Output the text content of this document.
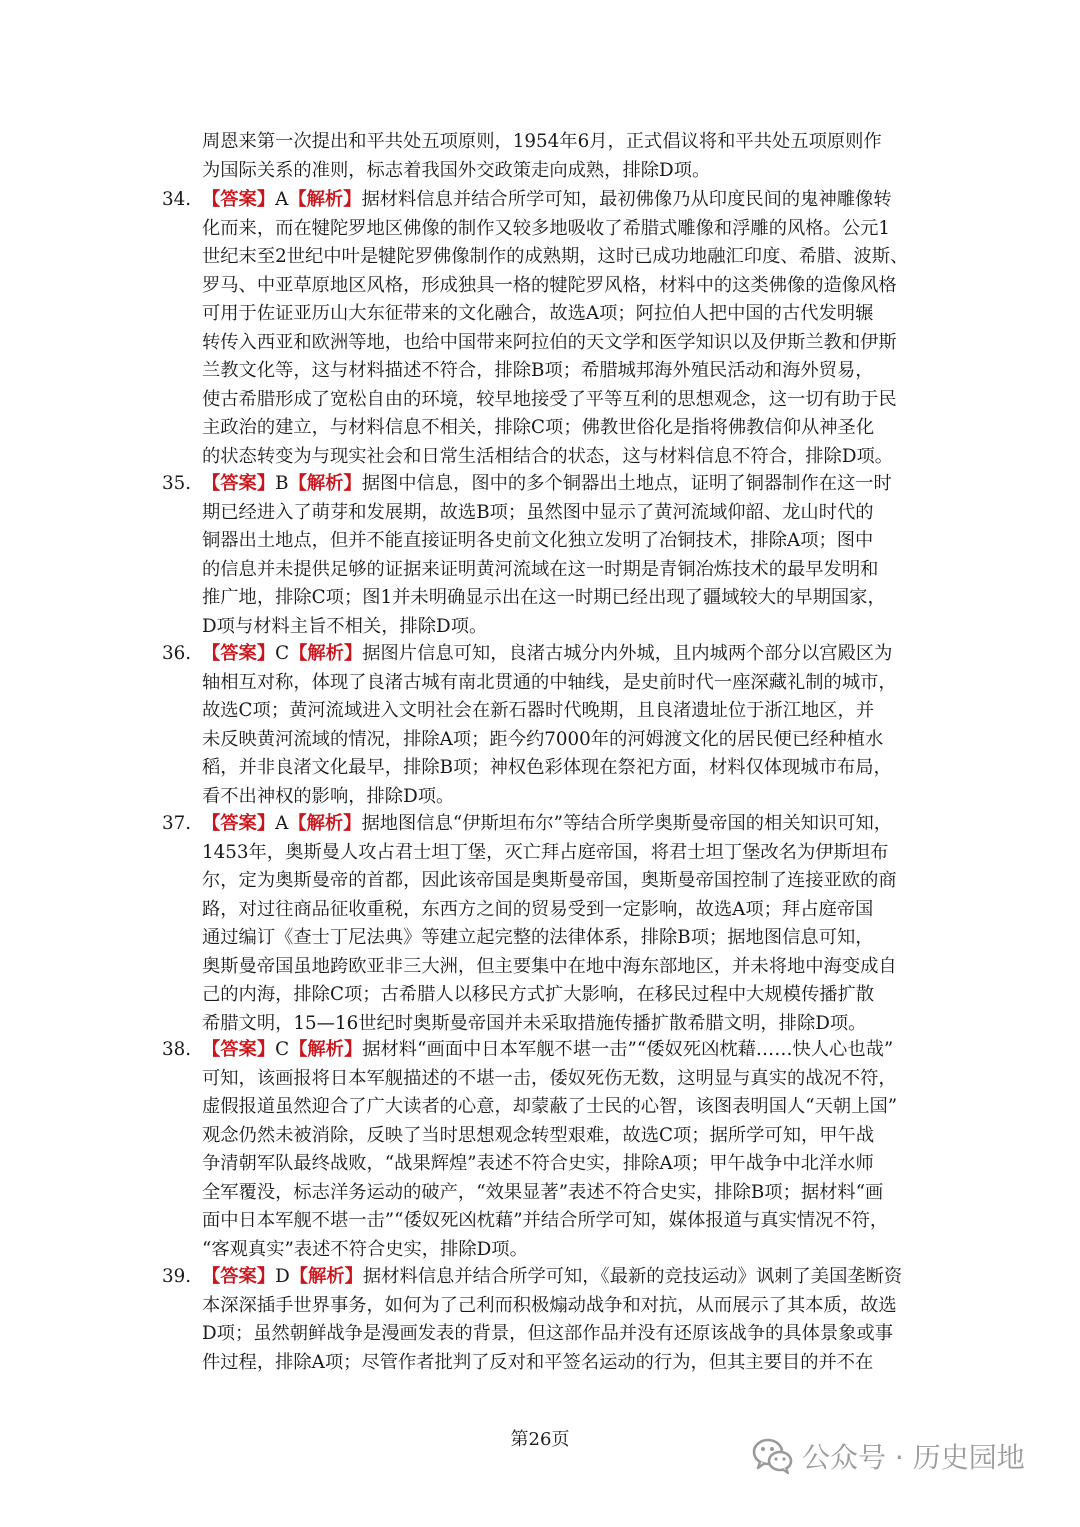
周恩来第一次提出和平共处五项原则，1954年6月，正式倡议将和平共处五项原则作
为国际关系的准则，标志着我国外交政策走向成熟，排除D项。
34. 【答案】A【解析】据材料信息并结合所学可知，最初佛像乃从印度民间的鬼神雕像转
化而来，而在犍陀罗地区佛像的制作又较多地吸收了希腊式雕像和浮雕的风格。公元1
世纪末至2世纪中叶是犍陀罗佛像制作的成熟期，这时已成功地融汇印度、希腊、波斯、
罗马、中亚草原地区风格，形成独具一格的犍陀罗风格，材料中的这类佛像的造像风格
可用于佐证亚历山大东征带来的文化融合，故选A项；阿拉伯人把中国的古代发明辗
转传入西亚和欧洲等地，也给中国带来阿拉伯的天文学和医学知识以及伊斯兰教和伊斯
兰教文化等，这与材料描述不符合，排除B项；希腊城邦海外殖民活动和海外贸易，
使古希腊形成了宽松自由的环境，较早地接受了平等互利的思想观念，这一切有助于民
主政治的建立，与材料信息不相关，排除C项；佛教世俗化是指将佛教信仰从神圣化
的状态转变为与现实社会和日常生活相结合的状态，这与材料信息不符合，排除D项。
35. 【答案】B【解析】据图中信息，图中的多个铜器出土地点，证明了铜器制作在这一时
期已经进入了萌芽和发展期，故选B项；虽然图中显示了黄河流域仰韶、龙山时代的
铜器出土地点，但并不能直接证明各史前文化独立发明了冶铜技术，排除A项；图中
的信息并未提供足够的证据来证明黄河流域在这一时期是青铜冶炼技术的最早发明和
推广地，排除C项；图1并未明确显示出在这一时期已经出现了疆域较大的早期国家，
D项与材料主旨不相关，排除D项。
36. 【答案】C【解析】据图片信息可知，良渚古城分内外城，且内城两个部分以宫殿区为
轴相互对称，体现了良渚古城有南北贯通的中轴线，是史前时代一座深藏礼制的城市，
故选C项；黄河流域进入文明社会在新石器时代晚期，且良渚遗址位于浙江地区，并
未反映黄河流域的情况，排除A项；距今约7000年的河姆渡文化的居民便已经种植水
稻，并非良渚文化最早，排除B项；神权色彩体现在祭祀方面，材料仅体现城市布局，
看不出神权的影响，排除D项。
37. 【答案】A【解析】据地图信息“伊斯坦布尔”等结合所学奥斯曼帝国的相关知识可知，
1453年，奥斯曼人攻占君士坦丁堡，灭亡拜占庭帝国，将君士坦丁堡改名为伊斯坦布
尔，定为奥斯曼帝的首都，因此该帝国是奥斯曼帝国，奥斯曼帝国控制了连接亚欧的商
路，对过往商品征收重税，东西方之间的贸易受到一定影响，故选A项；拜占庭帝国
通过编订《查士丁尼法典》等建立起完整的法律体系，排除B项；据地图信息可知，
奥斯曼帝国虽地跨欧亚非三大洲，但主要集中在地中海东部地区，并未将地中海变成自
己的内海，排除C项；古希腊人以移民方式扩大影响，在移民过程中大规模传播扩散
希腊文明，15—16世纪时奥斯曼帝国并未采取措施传播扩散希腊文明，排除D项。
38. 【答案】C【解析】据材料“画面中日本军舰不堪一击”“倭奴死凶枕藉……快人心也哉”
可知，该画报将日本军舰描述的不堪一击，倭奴死伤无数，这明显与真实的战况不符，
虚假报道虽然迎合了广大读者的心意，却蒙蔽了士民的心智，该图表明国人“天朝上国”
观念仍然未被消除，反映了当时思想观念转型艰难，故选C项；据所学可知，甲午战
争清朝军队最终战败，“战果辉煌”表述不符合史实，排除A项；甲午战争中北洋水师
全军覆没，标志洋务运动的破产，“效果显著”表述不符合史实，排除B项；据材料“画
面中日本军舰不堪一击”“倭奴死凶枕藉”并结合所学可知，媒体报道与真实情况不符，
“客观真实”表述不符合史实，排除D项。
39. 【答案】D【解析】据材料信息并结合所学可知，《最新的竞技运动》讽刺了美国垄断资
本深深插手世界事务，如何为了己利而积极煽动战争和对抗，从而展示了其本质，故选
D项；虽然朝鲜战争是漫画发表的背景，但这部作品并没有还原该战争的具体景象或事
件过程，排除A项；尽管作者批判了反对和平签名运动的行为，但其主要目的并不在
第26页
公众号 · 历史园地
